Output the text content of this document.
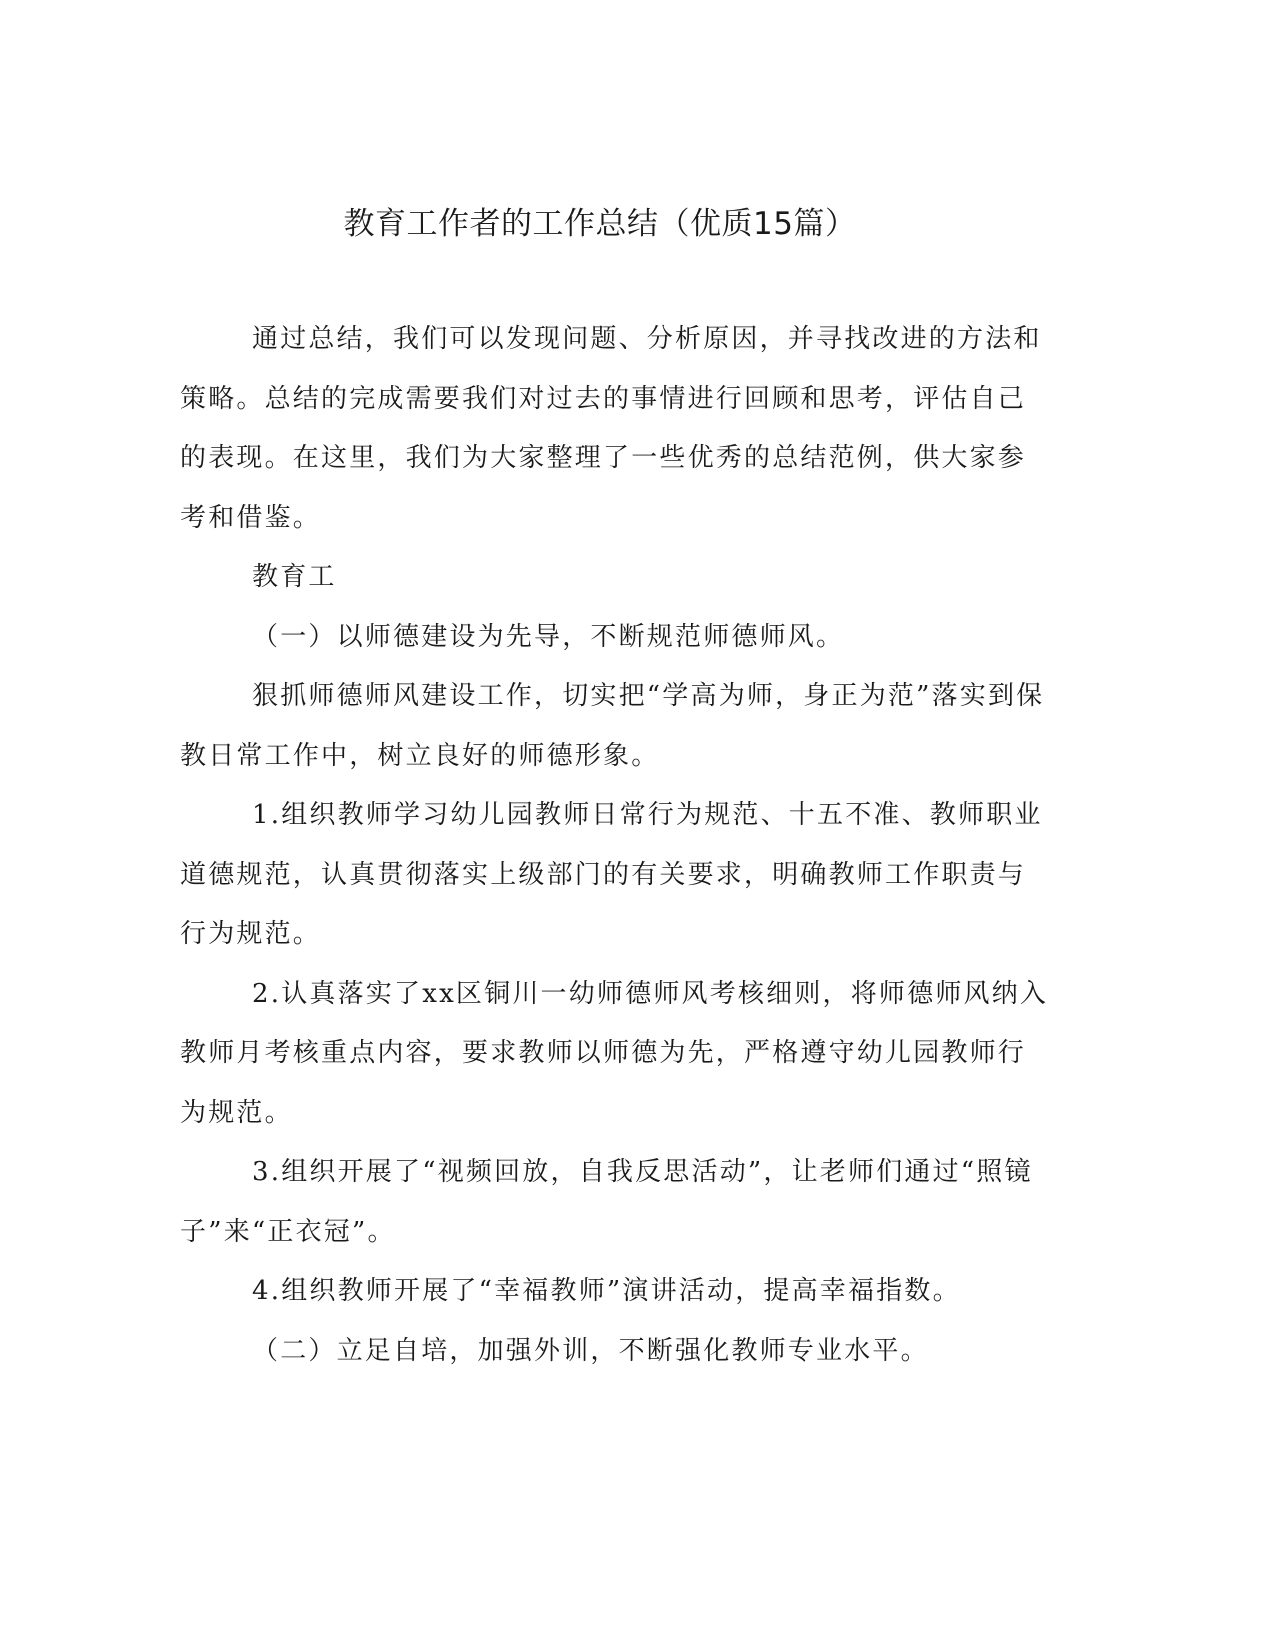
教育工作者的工作总结（优质15篇）

通过总结，我们可以发现问题、分析原因，并寻找改进的方法和策略。总结的完成需要我们对过去的事情进行回顾和思考，评估自己的表现。在这里，我们为大家整理了一些优秀的总结范例，供大家参考和借鉴。

教育工

（一）以师德建设为先导，不断规范师德师风。

狠抓师德师风建设工作，切实把“学高为师，身正为范”落实到保教日常工作中，树立良好的师德形象。

1.组织教师学习幼儿园教师日常行为规范、十五不准、教师职业道德规范，认真贯彻落实上级部门的有关要求，明确教师工作职责与行为规范。

2.认真落实了xx区铜川一幼师德师风考核细则，将师德师风纳入教师月考核重点内容，要求教师以师德为先，严格遵守幼儿园教师行为规范。

3.组织开展了“视频回放，自我反思活动”，让老师们通过“照镜子”来“正衣冠”。

4.组织教师开展了“幸福教师”演讲活动，提高幸福指数。

（二）立足自培，加强外训，不断强化教师专业水平。
